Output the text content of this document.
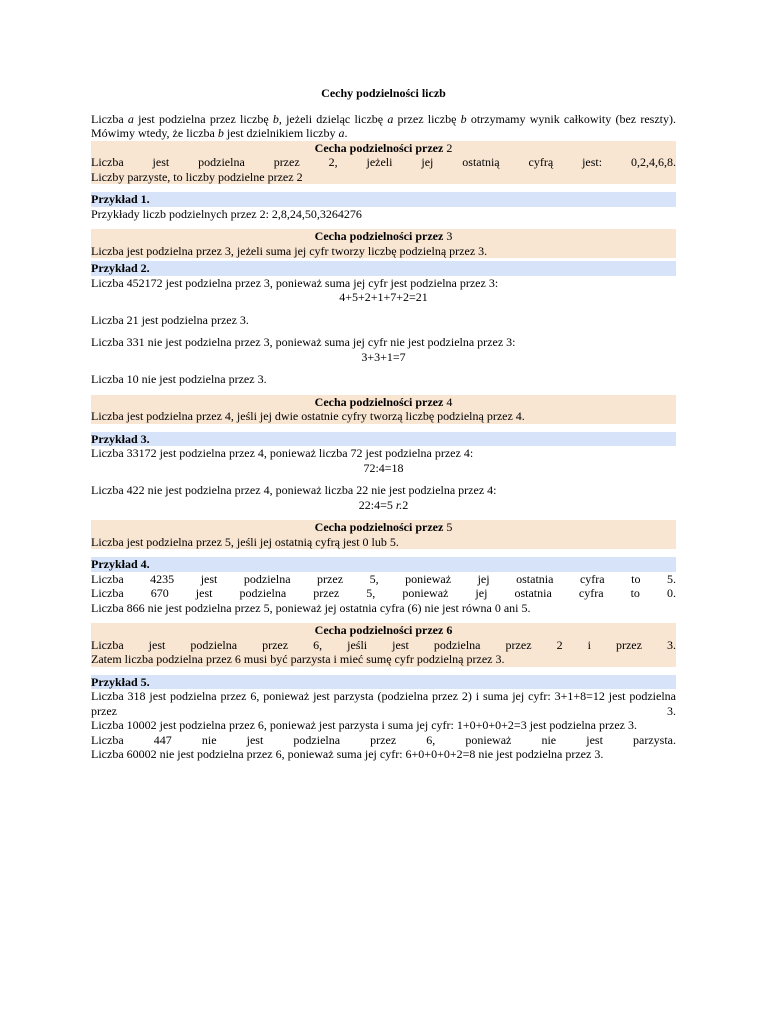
Cechy podzielności liczb

Liczba a jest podzielna przez liczbę b, jeżeli dzieląc liczbę a przez liczbę b otrzymamy wynik całkowity (bez reszty). Mówimy wtedy, że liczba b jest dzielnikiem liczby a.

Cecha podzielności przez 2

Liczba jest podzielna przez 2, jeżeli jej ostatnią cyfrą jest: 0,2,4,6,8.

Liczby parzyste, to liczby podzielne przez 2

Przykład 1.

Przykłady liczb podzielnych przez 2: 2,8,24,50,3264276

Cecha podzielności przez 3

Liczba jest podzielna przez 3, jeżeli suma jej cyfr tworzy liczbę podzielną przez 3.

Przykład 2.

Liczba 452172 jest podzielna przez 3, ponieważ suma jej cyfr jest podzielna przez 3:

4+5+2+1+7+2=21

Liczba 21 jest podzielna przez 3.

Liczba 331 nie jest podzielna przez 3, ponieważ suma jej cyfr nie jest podzielna przez 3:

3+3+1=7

Liczba 10 nie jest podzielna przez 3.

Cecha podzielności przez 4

Liczba jest podzielna przez 4, jeśli jej dwie ostatnie cyfry tworzą liczbę podzielną przez 4.

Przykład 3.

Liczba 33172 jest podzielna przez 4, ponieważ liczba 72 jest podzielna przez 4:

72:4=18

Liczba 422 nie jest podzielna przez 4, ponieważ liczba 22 nie jest podzielna przez 4:

22:4=5 r.2

Cecha podzielności przez 5

Liczba jest podzielna przez 5, jeśli jej ostatnią cyfrą jest 0 lub 5.

Przykład 4.

Liczba 4235 jest podzielna przez 5, ponieważ jej ostatnia cyfra to 5.

Liczba 670 jest podzielna przez 5, ponieważ jej ostatnia cyfra to 0.

Liczba 866 nie jest podzielna przez 5, ponieważ jej ostatnia cyfra (6) nie jest równa 0 ani 5.

Cecha podzielności przez 6

Liczba jest podzielna przez 6, jeśli jest podzielna przez 2 i przez 3.

Zatem liczba podzielna przez 6 musi być parzysta i mieć sumę cyfr podzielną przez 3.

Przykład 5.

Liczba 318 jest podzielna przez 6, ponieważ jest parzysta (podzielna przez 2) i suma jej cyfr: 3+1+8=12 jest podzielna przez 3.

Liczba 10002 jest podzielna przez 6, ponieważ jest parzysta i suma jej cyfr: 1+0+0+0+2=3 jest podzielna przez 3.

Liczba 447 nie jest podzielna przez 6, ponieważ nie jest parzysta.

Liczba 60002 nie jest podzielna przez 6, ponieważ suma jej cyfr: 6+0+0+0+2=8 nie jest podzielna przez 3.
